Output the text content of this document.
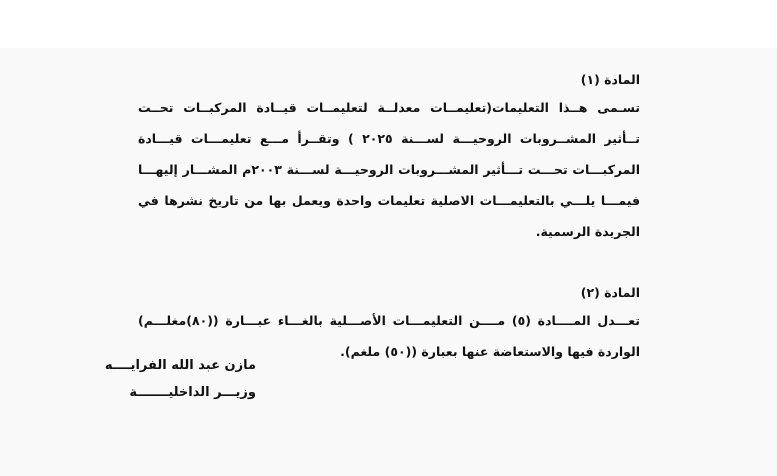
المادة (١)

تسـمى هــذا التعليمات(تعليمــات معدلــة لتعليمــات قيــادة المركبــات تحــت تــأثير المشــروبات الروحيـــة لســـنة ٢٠٢٥ ) وتقــرأ مـــع تعليمـــات قيـــادة المركبـــات تحـــت تـــأثير المشـــروبات الروحيـــة لســـنة ٢٠٠٣م المشـــار إليهـــا فيمـــا يلـــي بالتعليمـــات الاصلية تعليمات واحدة ويعمل بها من تاريخ نشرها في الجريدة الرسمية.

المادة (٢)

تعـــدل المــــادة (٥) مــــن التعليمـــات الأصـــلية بالغـــاء عبـــارة ((٨٠)مغلـــم) الواردة فيها والاستعاضة عنها بعبارة ((٥٠) ملغم).

مازن عبد الله الفرايــــه

وزيـــر الداخليـــــــة
